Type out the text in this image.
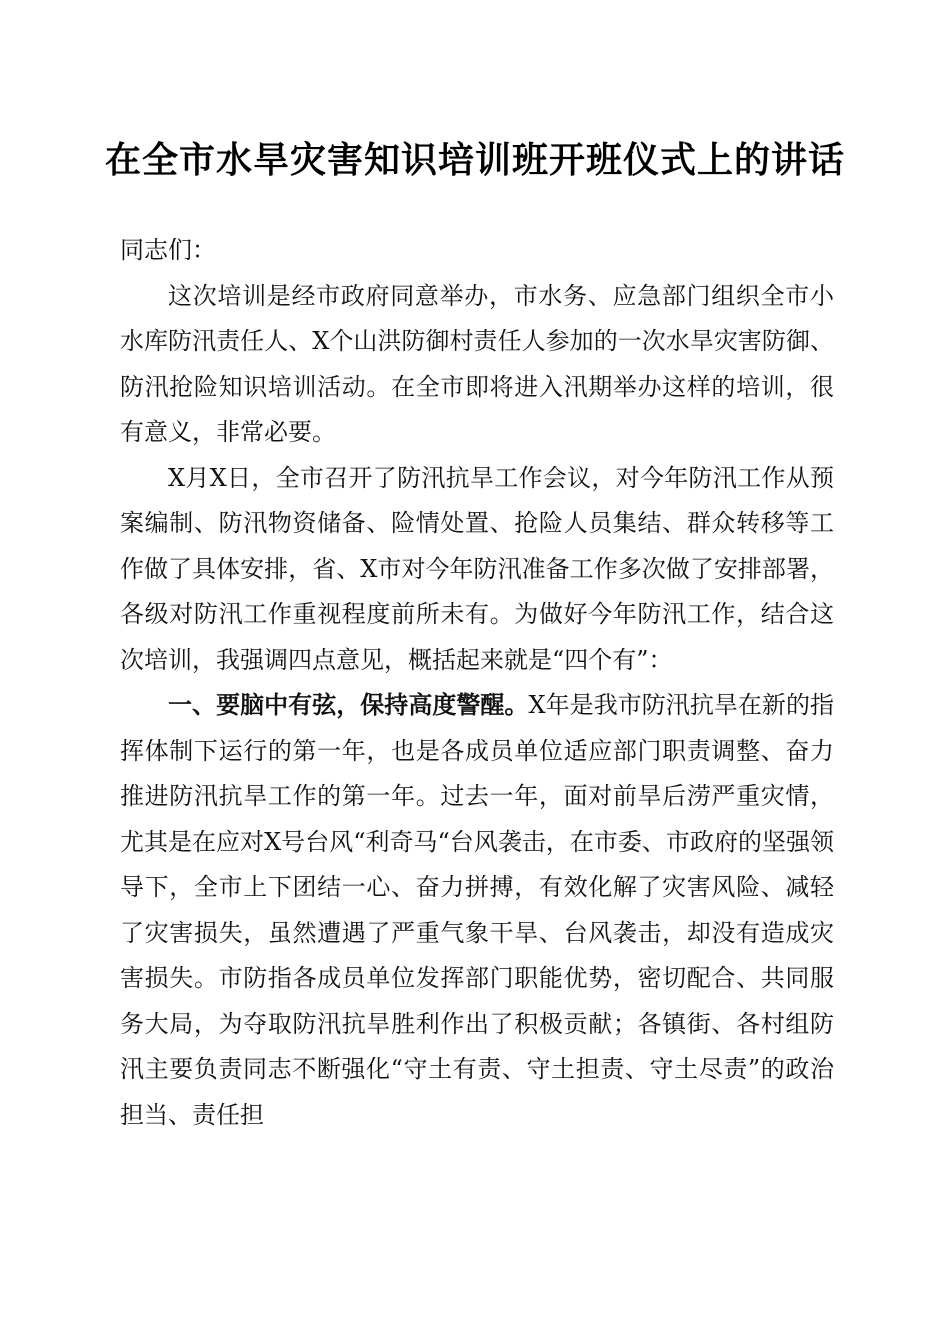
在全市水旱灾害知识培训班开班仪式上的讲话

同志们：

这次培训是经市政府同意举办，市水务、应急部门组织全市小水库防汛责任人、X个山洪防御村责任人参加的一次水旱灾害防御、防汛抢险知识培训活动。在全市即将进入汛期举办这样的培训，很有意义，非常必要。

X月X日，全市召开了防汛抗旱工作会议，对今年防汛工作从预案编制、防汛物资储备、险情处置、抢险人员集结、群众转移等工作做了具体安排，省、X市对今年防汛准备工作多次做了安排部署，各级对防汛工作重视程度前所未有。为做好今年防汛工作，结合这次培训，我强调四点意见，概括起来就是“四个有”：

一、要脑中有弦，保持高度警醒。X年是我市防汛抗旱在新的指挥体制下运行的第一年，也是各成员单位适应部门职责调整、奋力推进防汛抗旱工作的第一年。过去一年，面对前旱后涝严重灾情，尤其是在应对X号台风“利奇马“台风袭击，在市委、市政府的坚强领导下，全市上下团结一心、奋力拼搏，有效化解了灾害风险、减轻了灾害损失，虽然遭遇了严重气象干旱、台风袭击，却没有造成灾害损失。市防指各成员单位发挥部门职能优势，密切配合、共同服务大局，为夺取防汛抗旱胜利作出了积极贡献；各镇街、各村组防汛主要负责同志不断强化“守土有责、守土担责、守土尽责”的政治担当、责任担
